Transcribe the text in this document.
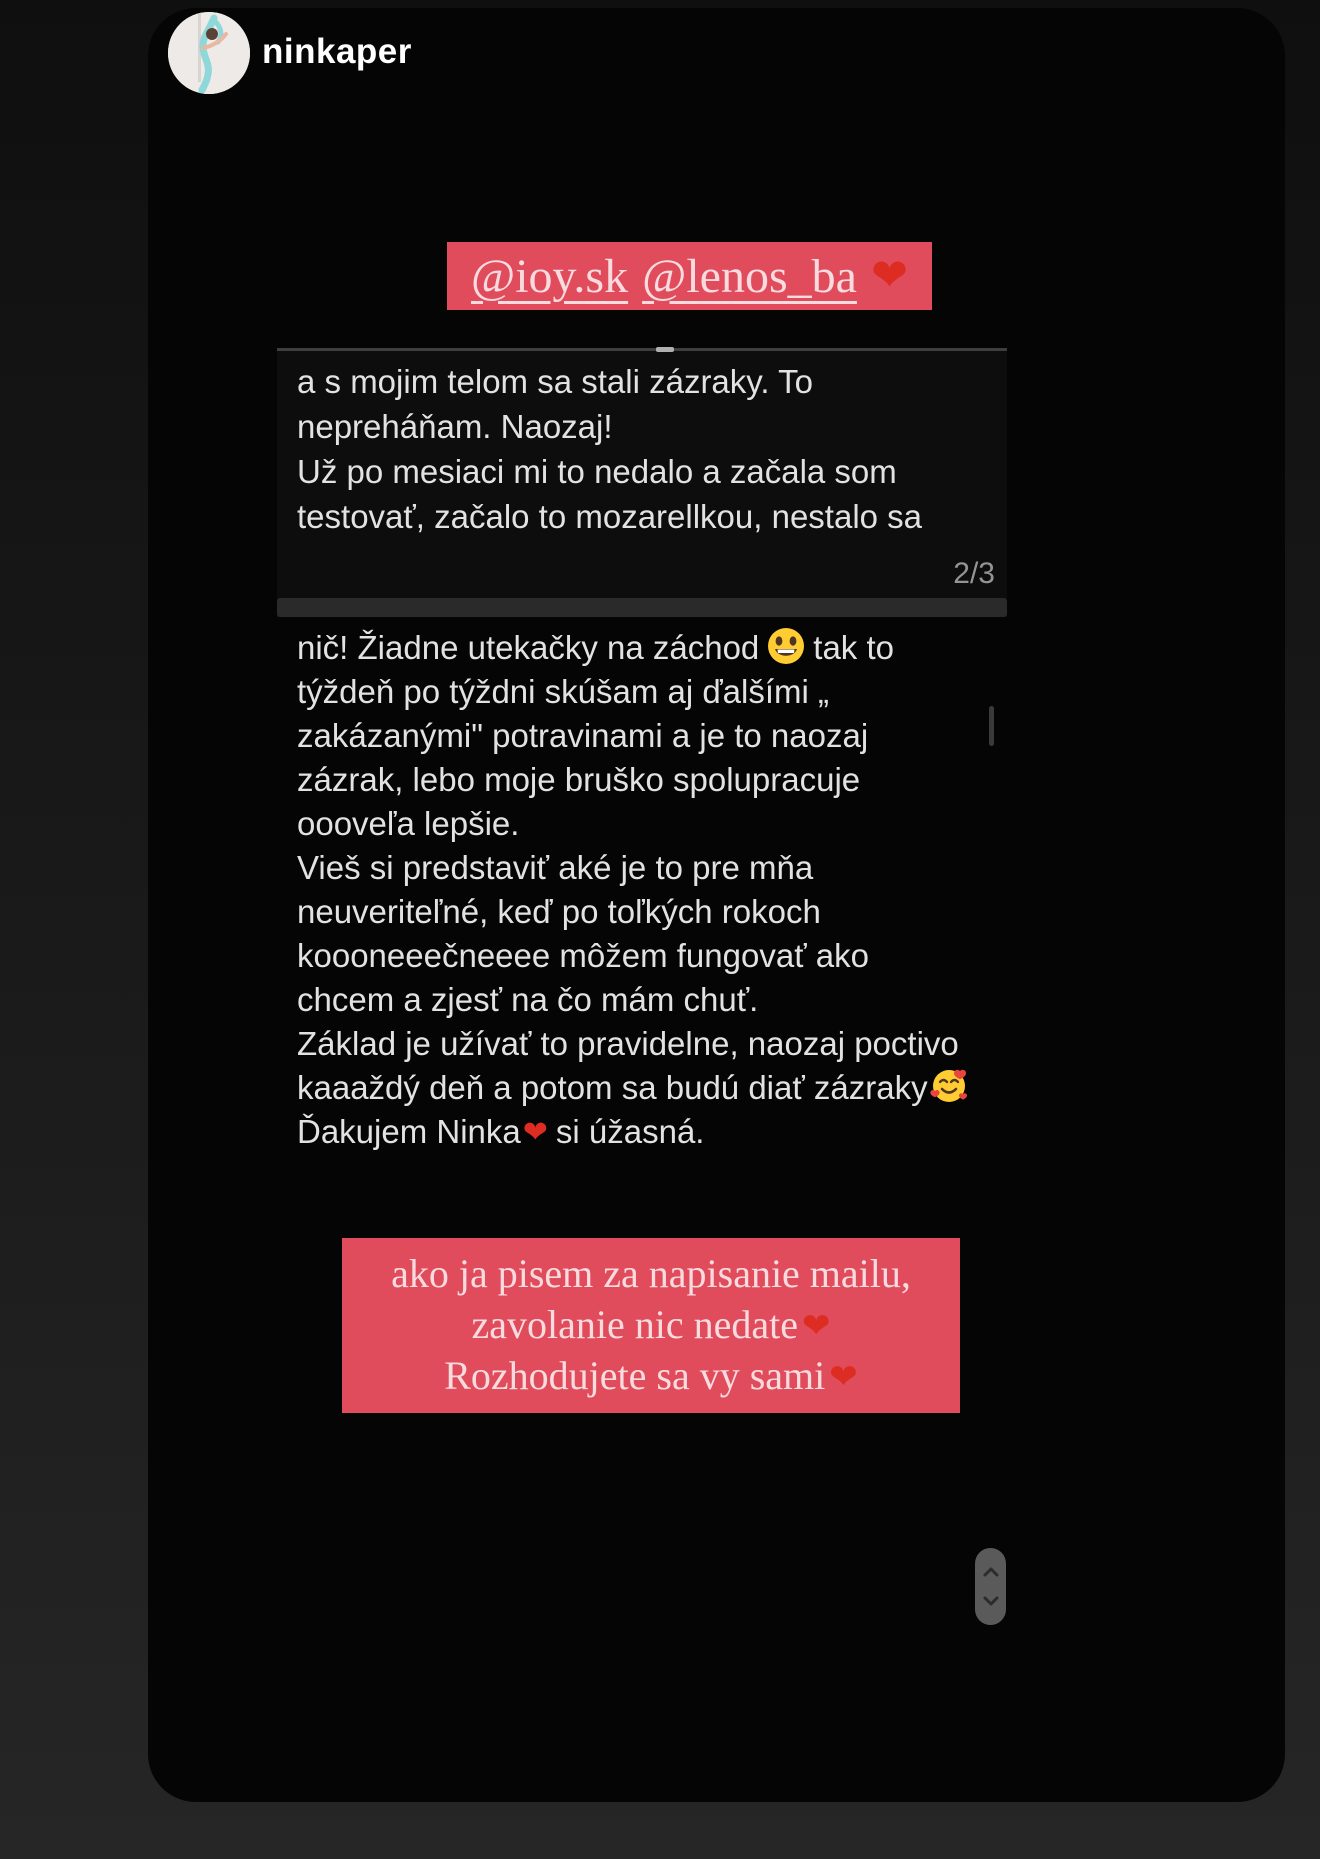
ninkaper
@ioy.sk @lenos_ba ❤
a s mojim telom sa stali zázraky. To
nepreháňam. Naozaj!
Už po mesiaci mi to nedalo a začala som
testovať, začalo to mozarellkou, nestalo sa
2/3
nič! Žiadne utekačky na záchod tak to
týždeň po týždni skúšam aj ďalšími „
zakázanými" potravinami a je to naozaj
zázrak, lebo moje bruško spolupracuje
oooveľa lepšie.
Vieš si predstaviť aké je to pre mňa
neuveriteľné, keď po toľkých rokoch
koooneeečneeee môžem fungovať ako
chcem a zjesť na čo mám chuť.
Základ je užívať to pravidelne, naozaj poctivo
kaaaždý deň a potom sa budú diať zázraky
Ďakujem Ninka❤ si úžasná.
ako ja pisem za napisanie mailu,
zavolanie nic nedate ❤
Rozhodujete sa vy sami ❤
